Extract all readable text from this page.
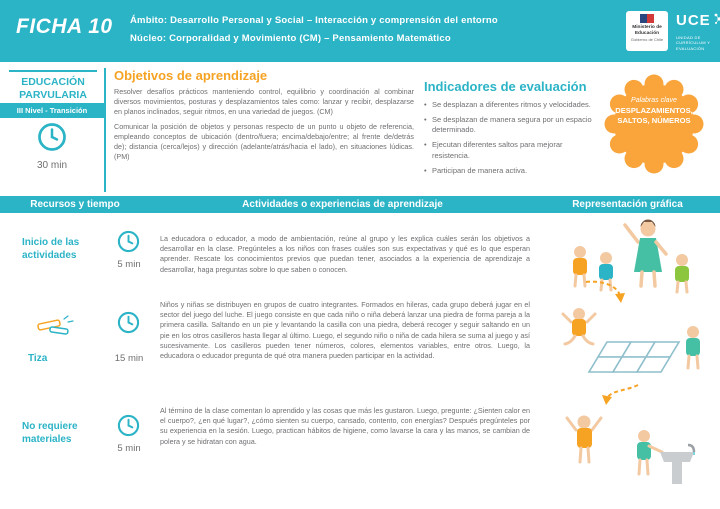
FICHA 10 Ámbito: Desarrollo Personal y Social – Interacción y comprensión del entorno
Núcleo: Corporalidad y Movimiento (CM) – Pensamiento Matemático
Ministerio de Educación
Gobierno de Chile
UCE
UNIDAD DE CURRÍCULUM Y EVALUACIÓN
EDUCACIÓN PARVULARIA
III Nivel - Transición
30 min
Objetivos de aprendizaje

Resolver desafíos prácticos manteniendo control, equilibrio y coordinación al combinar diversos movimientos, posturas y desplazamientos tales como: lanzar y recibir, desplazarse en planos inclinados, seguir ritmos, en una variedad de juegos. (CM)

Comunicar la posición de objetos y personas respecto de un punto u objeto de referencia, empleando conceptos de ubicación (dentro/fuera; encima/debajo/entre; al frente de/detrás de); distancia (cerca/lejos) y dirección (adelante/atrás/hacia el lado), en situaciones lúdicas. (PM)

Indicadores de evaluación
• Se desplazan a diferentes ritmos y velocidades.
• Se desplazan de manera segura por un espacio determinado.
• Ejecutan diferentes saltos para mejorar resistencia.
• Participan de manera activa.
Palabras clave
DESPLAZAMIENTOS, SALTOS, NÚMEROS
Recursos y tiempo	Actividades o experiencias de aprendizaje	Representación gráfica
Inicio de las actividades
5 min
La educadora o educador, a modo de ambientación, reúne al grupo y les explica cuáles serán los objetivos a desarrollar en la clase. Pregúnteles a los niños con frases cuáles son sus expectativas y qué es lo que esperan aprender. Rescate los conocimientos previos que puedan tener, asociados a la experiencia de aprendizaje a desarrollar, haga preguntas sobre lo que saben o conocen.
Tiza	15 min
Niños y niñas se distribuyen en grupos de cuatro integrantes. Formados en hileras, cada grupo deberá jugar en el sector del juego del luche. El juego consiste en que cada niño o niña deberá lanzar una piedra de forma pareja a la primera casilla. Saltando en un pie y levantando la casilla con una piedra, deberá recoger y seguir saltando en un pie en los otros casilleros hasta llegar al último. Luego, el segundo niño o niña de cada hilera se suma al juego y así sucesivamente. Los casilleros pueden tener números, colores, elementos variables, entre otros. Luego, la educadora o educador pregunta de qué otra manera pueden participar en la actividad.
No requiere materiales
5 min
Al término de la clase comentan lo aprendido y las cosas que más les gustaron. Luego, pregunte: ¿Sienten calor en el cuerpo?, ¿en qué lugar?, ¿cómo sienten su cuerpo, cansado, contento, con energías? Después pregúnteles por su experiencia en la sesión. Luego, practican hábitos de higiene, como lavarse la cara y las manos, se cambian de polera y se hidratan con agua.
